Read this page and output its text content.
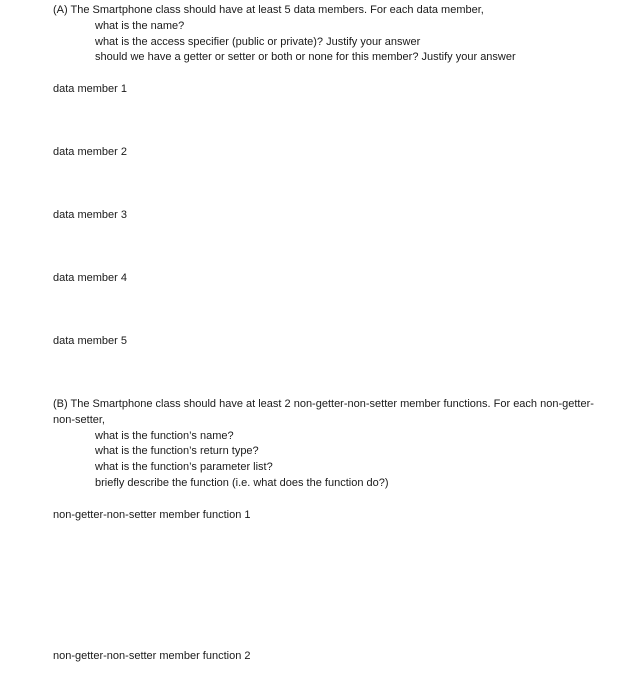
(A) The Smartphone class should have at least 5 data members. For each data member,
what is the name?
what is the access specifier (public or private)? Justify your answer
should we have a getter or setter or both or none for this member? Justify your answer
data member 1
data member 2
data member 3
data member 4
data member 5
(B) The Smartphone class should have at least 2 non-getter-non-setter member functions. For each non-getter-non-setter,
what is the function’s name?
what is the function’s return type?
what is the function’s parameter list?
briefly describe the function (i.e. what does the function do?)
non-getter-non-setter member function 1
non-getter-non-setter member function 2
